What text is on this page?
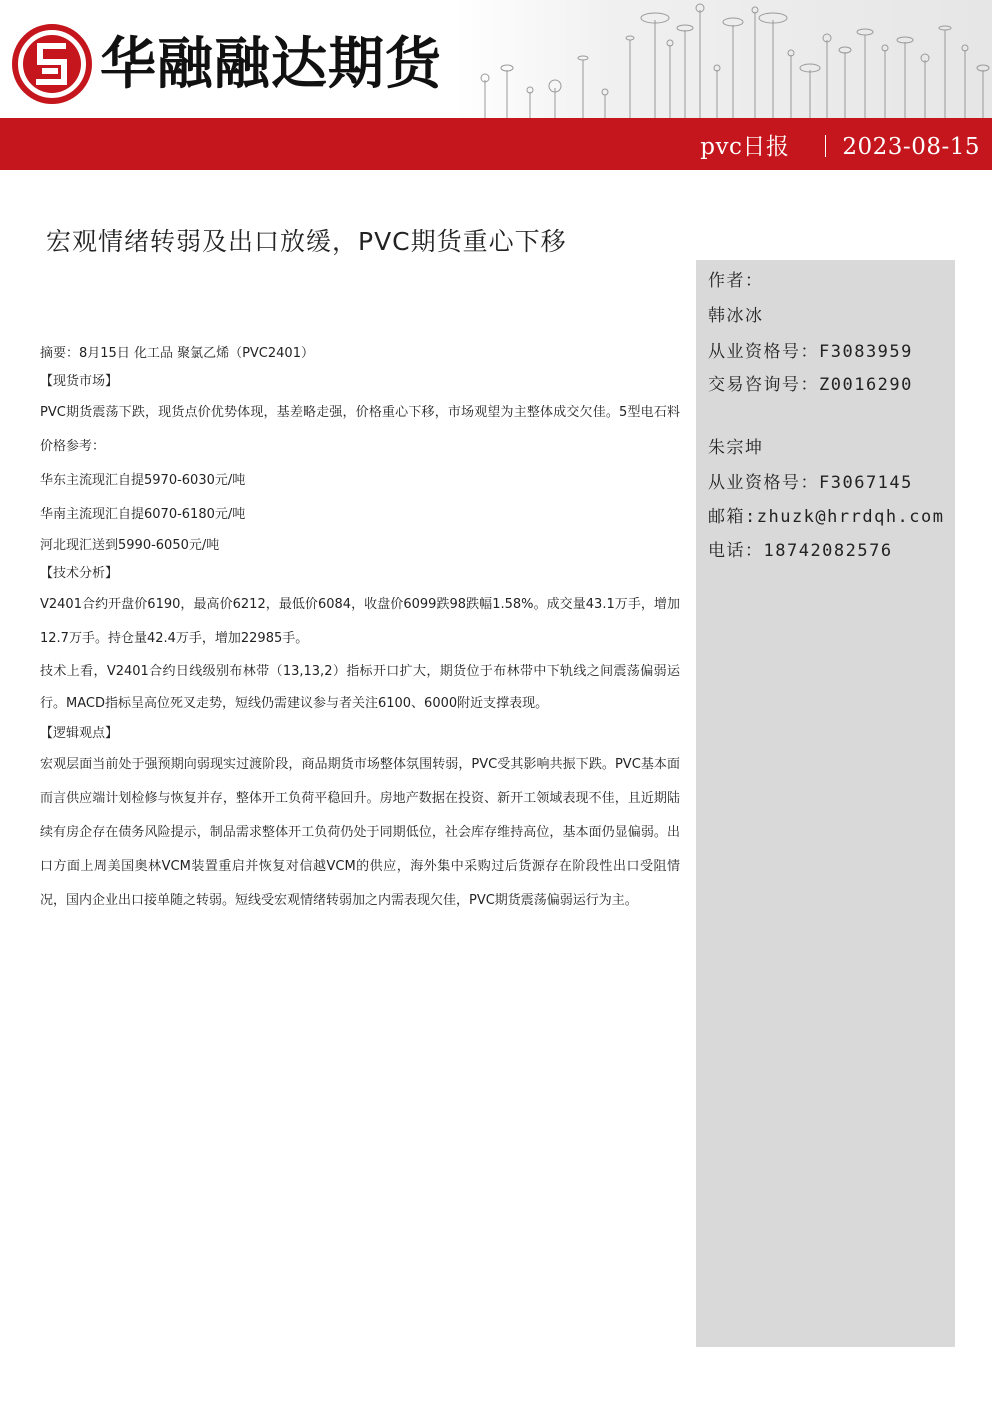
华融融达期货
pvc日报 2023-08-15
宏观情绪转弱及出口放缓，PVC期货重心下移
作者：
韩冰冰
从业资格号：F3083959
交易咨询号：Z0016290
朱宗坤
从业资格号：F3067145
邮箱:zhuzk@hrrdqh.com
电话：18742082576

摘要：8月15日 化工品 聚氯乙烯（PVC2401）

【现货市场】

PVC期货震荡下跌，现货点价优势体现，基差略走强，价格重心下移，市场观望为主整体成交欠佳。5型电石料价格参考：

华东主流现汇自提5970-6030元/吨

华南主流现汇自提6070-6180元/吨

河北现汇送到5990-6050元/吨

【技术分析】

V2401合约开盘价6190，最高价6212，最低价6084，收盘价6099跌98跌幅1.58%。成交量43.1万手，增加12.7万手。持仓量42.4万手，增加22985手。

技术上看，V2401合约日线级别布林带（13,13,2）指标开口扩大，期货位于布林带中下轨线之间震荡偏弱运行。MACD指标呈高位死叉走势，短线仍需建议参与者关注6100、6000附近支撑表现。

【逻辑观点】

宏观层面当前处于强预期向弱现实过渡阶段，商品期货市场整体氛围转弱，PVC受其影响共振下跌。PVC基本面而言供应端计划检修与恢复并存，整体开工负荷平稳回升。房地产数据在投资、新开工领域表现不佳，且近期陆续有房企存在债务风险提示，制品需求整体开工负荷仍处于同期低位，社会库存维持高位，基本面仍显偏弱。出口方面上周美国奥林VCM装置重启并恢复对信越VCM的供应，海外集中采购过后货源存在阶段性出口受阻情况，国内企业出口接单随之转弱。短线受宏观情绪转弱加之内需表现欠佳，PVC期货震荡偏弱运行为主。
